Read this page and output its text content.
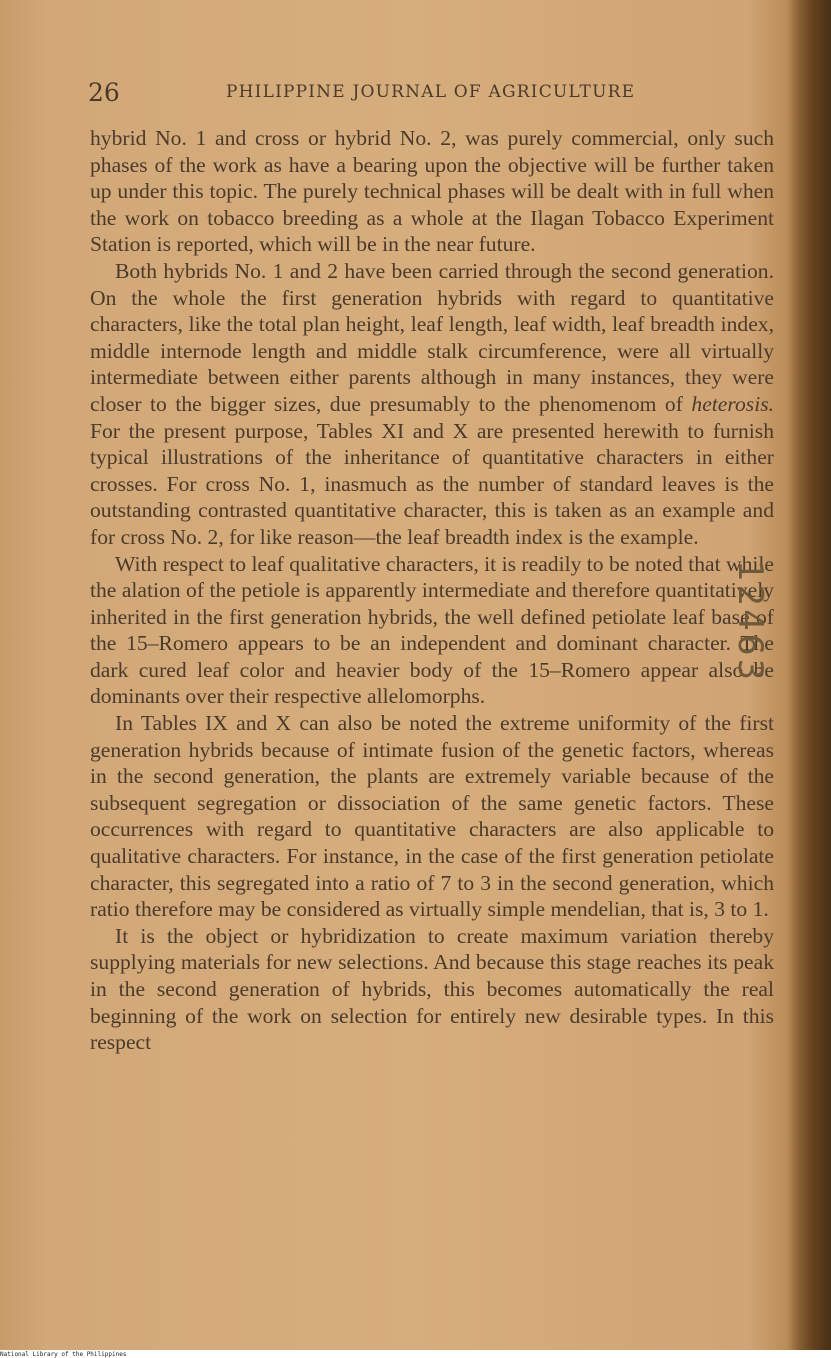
26	PHILIPPINE JOURNAL OF AGRICULTURE

hybrid No. 1 and cross or hybrid No. 2, was purely commercial, only such phases of the work as have a bearing upon the objective will be further taken up under this topic. The purely technical phases will be dealt with in full when the work on tobacco breeding as a whole at the Ilagan Tobacco Experiment Station is reported, which will be in the near future.

Both hybrids No. 1 and 2 have been carried through the second generation. On the whole the first generation hybrids with regard to quantitative characters, like the total plan height, leaf length, leaf width, leaf breadth index, middle internode length and middle stalk circumference, were all virtually intermediate between either parents although in many instances, they were closer to the bigger sizes, due presumably to the phenomenom of heterosis. For the present purpose, Tables XI and X are presented herewith to furnish typical illustrations of the inheritance of quantitative characters in either crosses. For cross No. 1, inasmuch as the number of standard leaves is the outstanding contrasted quantitative character, this is taken as an example and for cross No. 2, for like reason—the leaf breadth index is the example.

With respect to leaf qualitative characters, it is readily to be noted that while the alation of the petiole is apparently intermediate and therefore quantitatively inherited in the first generation hybrids, the well defined petiolate leaf base of the 15–Romero appears to be an independent and dominant character. The dark cured leaf color and heavier body of the 15–Romero appear also be dominants over their respective allelomorphs.

In Tables IX and X can also be noted the extreme uniformity of the first generation hybrids because of intimate fusion of the genetic factors, whereas in the second generation, the plants are extremely variable because of the subsequent segregation or dissociation of the same genetic factors. These occurrences with regard to quantitative characters are also applicable to qualitative characters. For instance, in the case of the first generation petiolate character, this segregated into a ratio of 7 to 3 in the second generation, which ratio therefore may be considered as virtually simple mendelian, that is, 3 to 1.

It is the object or hybridization to create maximum variation thereby supplying materials for new selections. And because this stage reaches its peak in the second generation of hybrids, this becomes automatically the real beginning of the work on selection for entirely new desirable types. In this respect

12463
National Library of the Philippines
